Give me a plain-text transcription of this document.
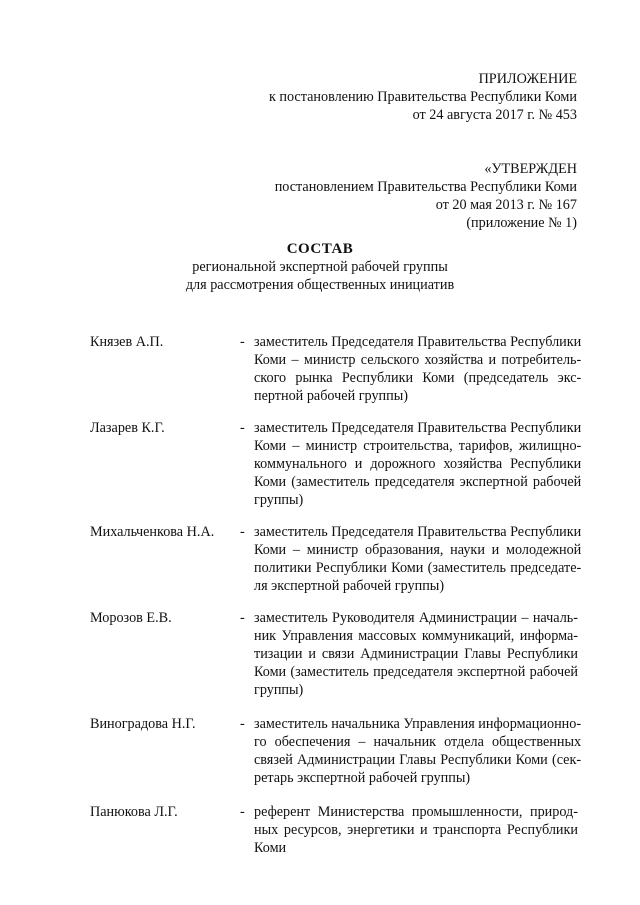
ПРИЛОЖЕНИЕ
к постановлению Правительства Республики Коми
от 24 августа 2017 г. № 453
«УТВЕРЖДЕН
постановлением Правительства Республики Коми
от 20 мая 2013 г. № 167
(приложение № 1)
СОСТАВ
региональной экспертной рабочей группы
для рассмотрения общественных инициатив
Князев А.П.	- заместитель Председателя Правительства Республики
Коми – министр сельского хозяйства и потребитель-
ского рынка Республики Коми (председатель экс-
пертной рабочей группы)
Лазарев К.Г.	- заместитель Председателя Правительства Республики
Коми – министр строительства, тарифов, жилищно-
коммунального и дорожного хозяйства Республики
Коми (заместитель председателя экспертной рабочей
группы)
Михальченкова Н.А.	- заместитель Председателя Правительства Республики
Коми – министр образования, науки и молодежной
политики Республики Коми (заместитель председате-
ля экспертной рабочей группы)
Морозов Е.В.	- заместитель Руководителя Администрации – началь-
ник Управления массовых коммуникаций, информа-
тизации и связи Администрации Главы Республики
Коми (заместитель председателя экспертной рабочей
группы)
Виноградова Н.Г.	- заместитель начальника Управления информационно-
го обеспечения – начальник отдела общественных
связей Администрации Главы Республики Коми (сек-
ретарь экспертной рабочей группы)
Панюкова Л.Г.	- референт Министерства промышленности, природ-
ных ресурсов, энергетики и транспорта Республики
Коми
